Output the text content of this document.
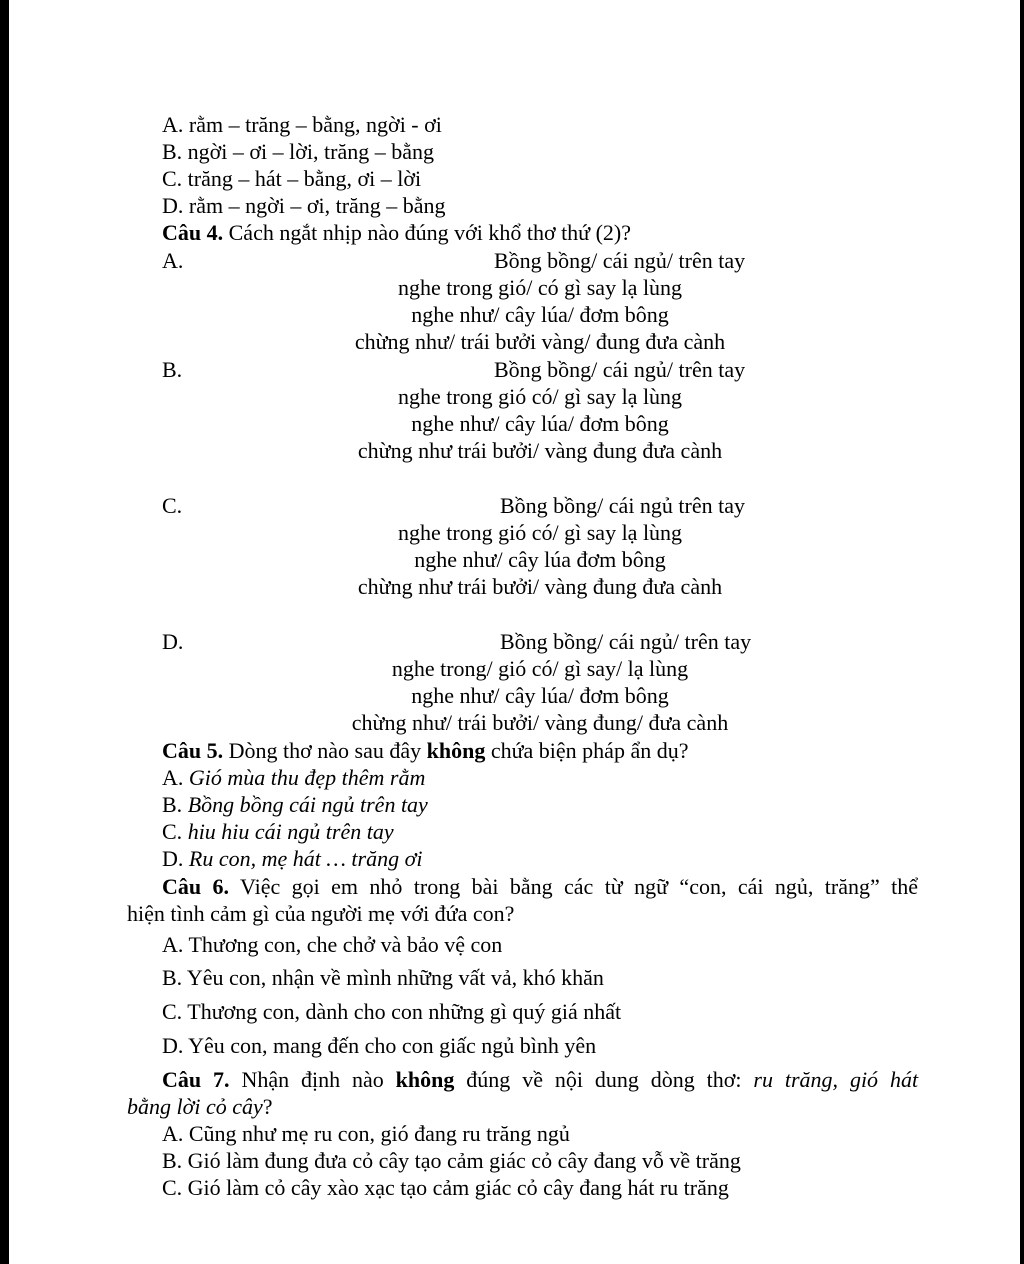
A. rằm – trăng – bằng, ngời - ơi
B. ngời – ơi – lời, trăng – bằng
C. trăng – hát – bằng, ơi – lời
D. rằm – ngời – ơi, trăng – bằng
Câu 4. Cách ngắt nhịp nào đúng với khổ thơ thứ (2)?
A.	Bồng bồng/ cái ngủ/ trên tay
nghe trong gió/ có gì say lạ lùng
nghe như/ cây lúa/ đơm bông
chừng như/ trái bưởi vàng/ đung đưa cành
B.	Bồng bồng/ cái ngủ/ trên tay
nghe trong gió có/ gì say lạ lùng
nghe như/ cây lúa/ đơm bông
chừng như trái bưởi/ vàng đung đưa cành
C.	Bồng bồng/ cái ngủ trên tay
nghe trong gió có/ gì say lạ lùng
nghe như/ cây lúa đơm bông
chừng như trái bưởi/ vàng đung đưa cành
D.	Bồng bồng/ cái ngủ/ trên tay
nghe trong/ gió có/ gì say/ lạ lùng
nghe như/ cây lúa/ đơm bông
chừng như/ trái bưởi/ vàng đung/ đưa cành
Câu 5. Dòng thơ nào sau đây không chứa biện pháp ẩn dụ?
A. Gió mùa thu đẹp thêm rằm
B. Bồng bồng cái ngủ trên tay
C. hiu hiu cái ngủ trên tay
D. Ru con, mẹ hát … trăng ơi
Câu 6. Việc gọi em nhỏ trong bài bằng các từ ngữ “con, cái ngủ, trăng” thể
hiện tình cảm gì của người mẹ với đứa con?
A. Thương con, che chở và bảo vệ con
B. Yêu con, nhận về mình những vất vả, khó khăn
C. Thương con, dành cho con những gì quý giá nhất
D. Yêu con, mang đến cho con giấc ngủ bình yên
Câu 7. Nhận định nào không đúng về nội dung dòng thơ: ru trăng, gió hát
bằng lời cỏ cây?
A. Cũng như mẹ ru con, gió đang ru trăng ngủ
B. Gió làm đung đưa cỏ cây tạo cảm giác cỏ cây đang vỗ về trăng
C. Gió làm cỏ cây xào xạc tạo cảm giác cỏ cây đang hát ru trăng
